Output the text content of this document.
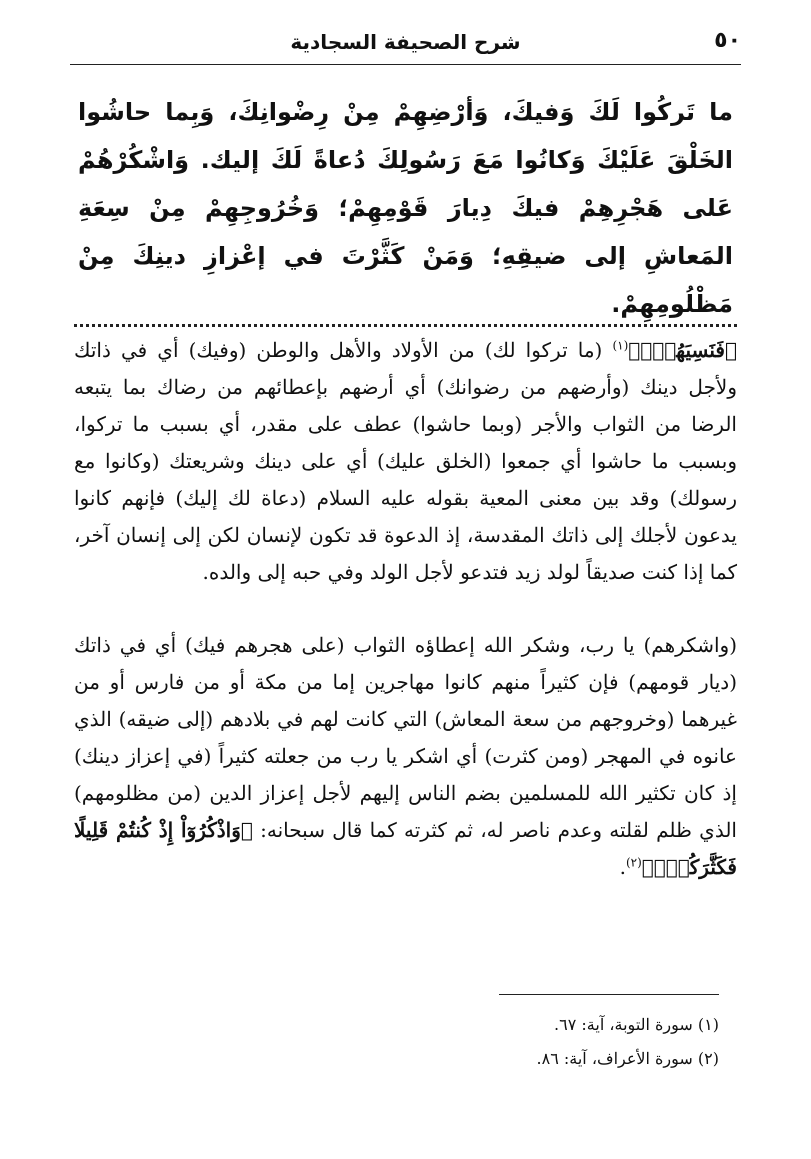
٥٠
شرح الصحيفة السجادية

ما تَركُوا لَكَ وَفيكَ، وَأرْضِهِمْ مِنْ رِضْوانِكَ، وَبِما حاشُوا الخَلْقَ عَلَيْكَ وَكانُوا مَعَ رَسُولِكَ دُعاةً لَكَ إليك. وَاشْكُرْهُمْ عَلى هَجْرِهِمْ فيكَ دِيارَ قَوْمِهِمْ؛ وَخُرُوجِهِمْ مِنْ سِعَةِ المَعاشِ إلى ضيقِهِ؛ وَمَنْ كَثَّرْتَ في إعْزازِ دينِكَ مِنْ مَظْلُومِهِمْ.

﴿فَنَسِيَهُمْۚ﴾$^{(١)}$ (ما تركوا لك) من الأولاد والأهل والوطن (وفيك) أي في ذاتك ولأجل دينك (وأرضهم من رضوانك) أي أرضهم بإعطائهم من رضاك بما يتبعه الرضا من الثواب والأجر (وبما حاشوا) عطف على مقدر، أي بسبب ما تركوا، وبسبب ما حاشوا أي جمعوا (الخلق عليك) أي على دينك وشريعتك (وكانوا مع رسولك) وقد بين معنى المعية بقوله عليه السلام (دعاة لك إليك) فإنهم كانوا يدعون لأجلك إلى ذاتك المقدسة، إذ الدعوة قد تكون لإنسان لكن إلى إنسان آخر، كما إذا كنت صديقاً لولد زيد فتدعو لأجل الولد وفي حبه إلى والده.

(واشكرهم) يا رب، وشكر الله إعطاؤه الثواب (على هجرهم فيك) أي في ذاتك (ديار قومهم) فإن كثيراً منهم كانوا مهاجرين إما من مكة أو من فارس أو من غيرهما (وخروجهم من سعة المعاش) التي كانت لهم في بلادهم (إلى ضيقه) الذي عانوه في المهجر (ومن كثرت) أي اشكر يا رب من جعلته كثيراً (في إعزاز دينك) إذ كان تكثير الله للمسلمين بضم الناس إليهم لأجل إعزاز الدين (من مظلومهم) الذي ظلم لقلته وعدم ناصر له، ثم كثرته كما قال سبحانه: ﴿وَاذْكُرُوٓاْ إِذْ كُنتُمْ قَلِيلًا فَكَثَّرَكُمْۖ﴾$^{(٢)}$.

(١) سورة التوبة، آية: ٦٧.
(٢) سورة الأعراف، آية: ٨٦.
